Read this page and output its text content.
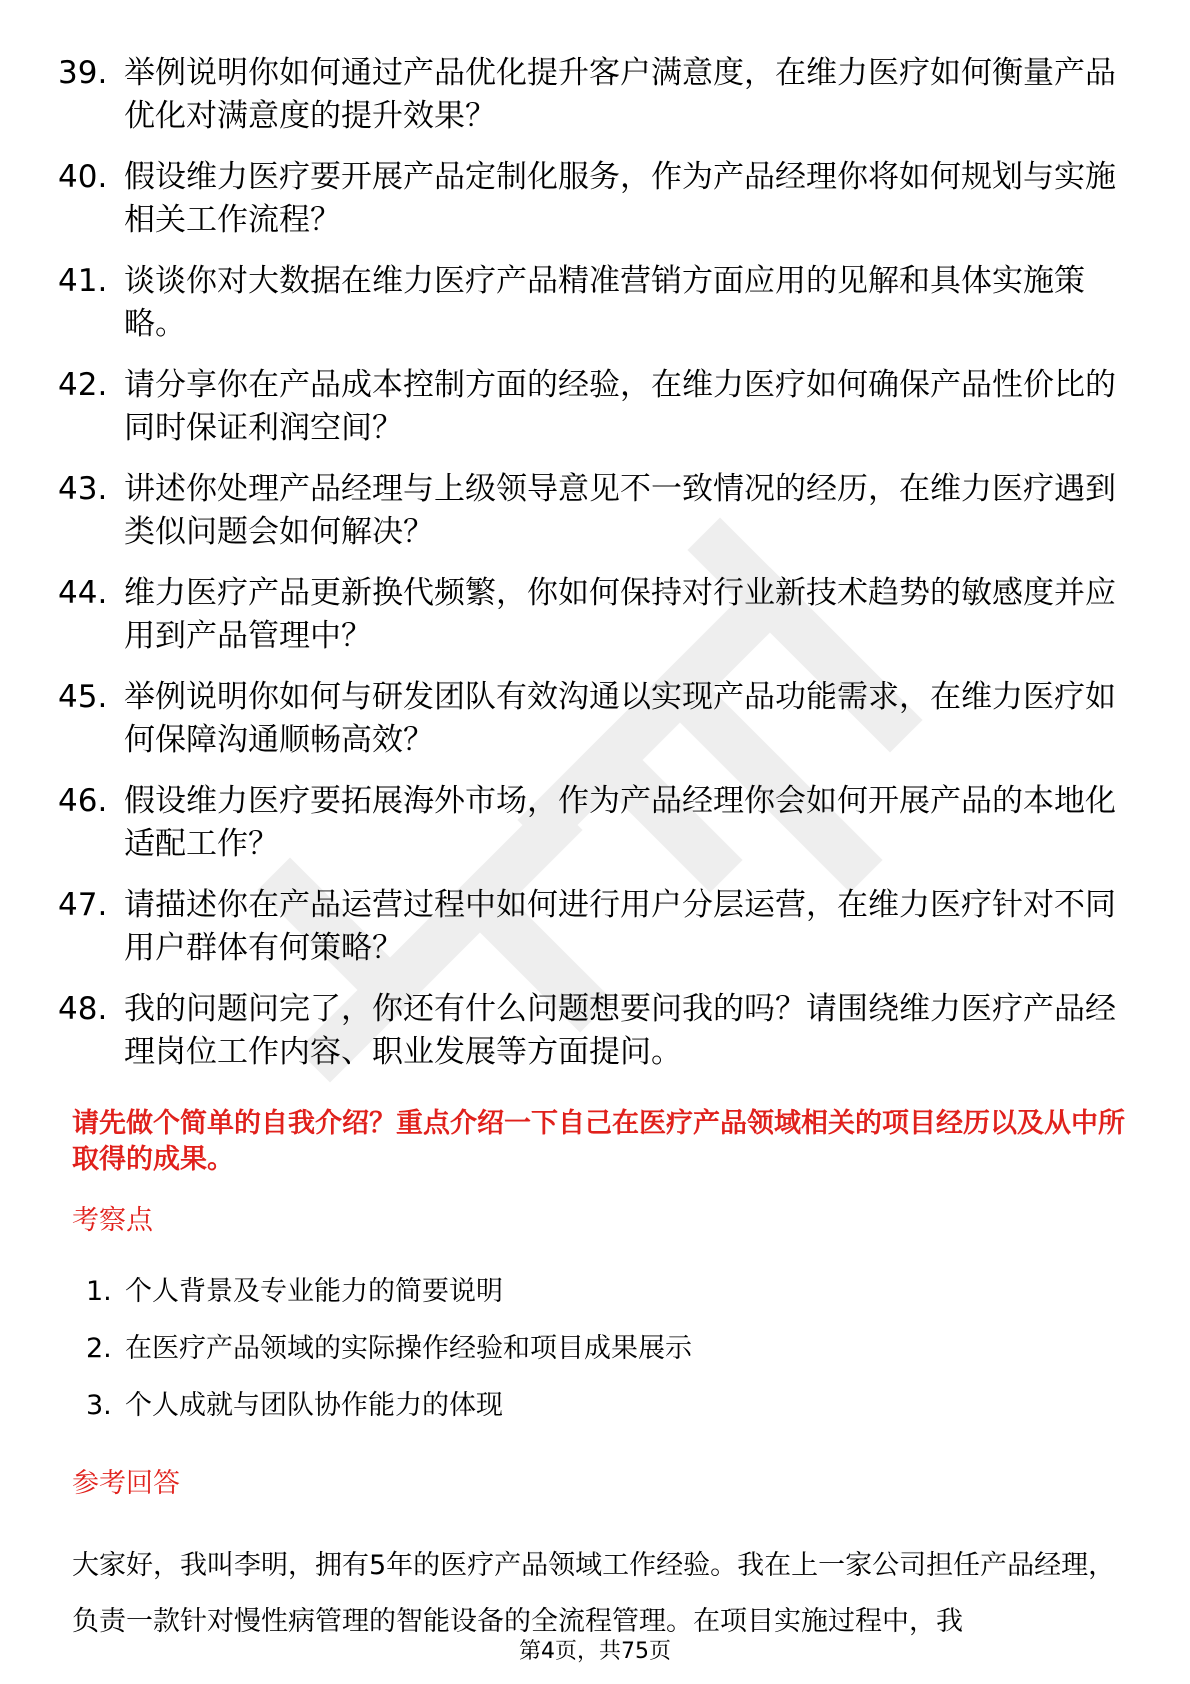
39. 举例说明你如何通过产品优化提升客户满意度，在维力医疗如何衡量产品优化对满意度的提升效果？
40. 假设维力医疗要开展产品定制化服务，作为产品经理你将如何规划与实施相关工作流程？
41. 谈谈你对大数据在维力医疗产品精准营销方面应用的见解和具体实施策略。
42. 请分享你在产品成本控制方面的经验，在维力医疗如何确保产品性价比的同时保证利润空间？
43. 讲述你处理产品经理与上级领导意见不一致情况的经历，在维力医疗遇到类似问题会如何解决？
44. 维力医疗产品更新换代频繁，你如何保持对行业新技术趋势的敏感度并应用到产品管理中？
45. 举例说明你如何与研发团队有效沟通以实现产品功能需求，在维力医疗如何保障沟通顺畅高效？
46. 假设维力医疗要拓展海外市场，作为产品经理你会如何开展产品的本地化适配工作？
47. 请描述你在产品运营过程中如何进行用户分层运营，在维力医疗针对不同用户群体有何策略？
48. 我的问题问完了，你还有什么问题想要问我的吗？请围绕维力医疗产品经理岗位工作内容、职业发展等方面提问。
请先做个简单的自我介绍？重点介绍一下自己在医疗产品领域相关的项目经历以及从中所取得的成果。
考察点
1. 个人背景及专业能力的简要说明
2. 在医疗产品领域的实际操作经验和项目成果展示
3. 个人成就与团队协作能力的体现
参考回答
大家好，我叫李明，拥有5年的医疗产品领域工作经验。我在上一家公司担任产品经理，负责一款针对慢性病管理的智能设备的全流程管理。在项目实施过程中，我
第4页，共75页
